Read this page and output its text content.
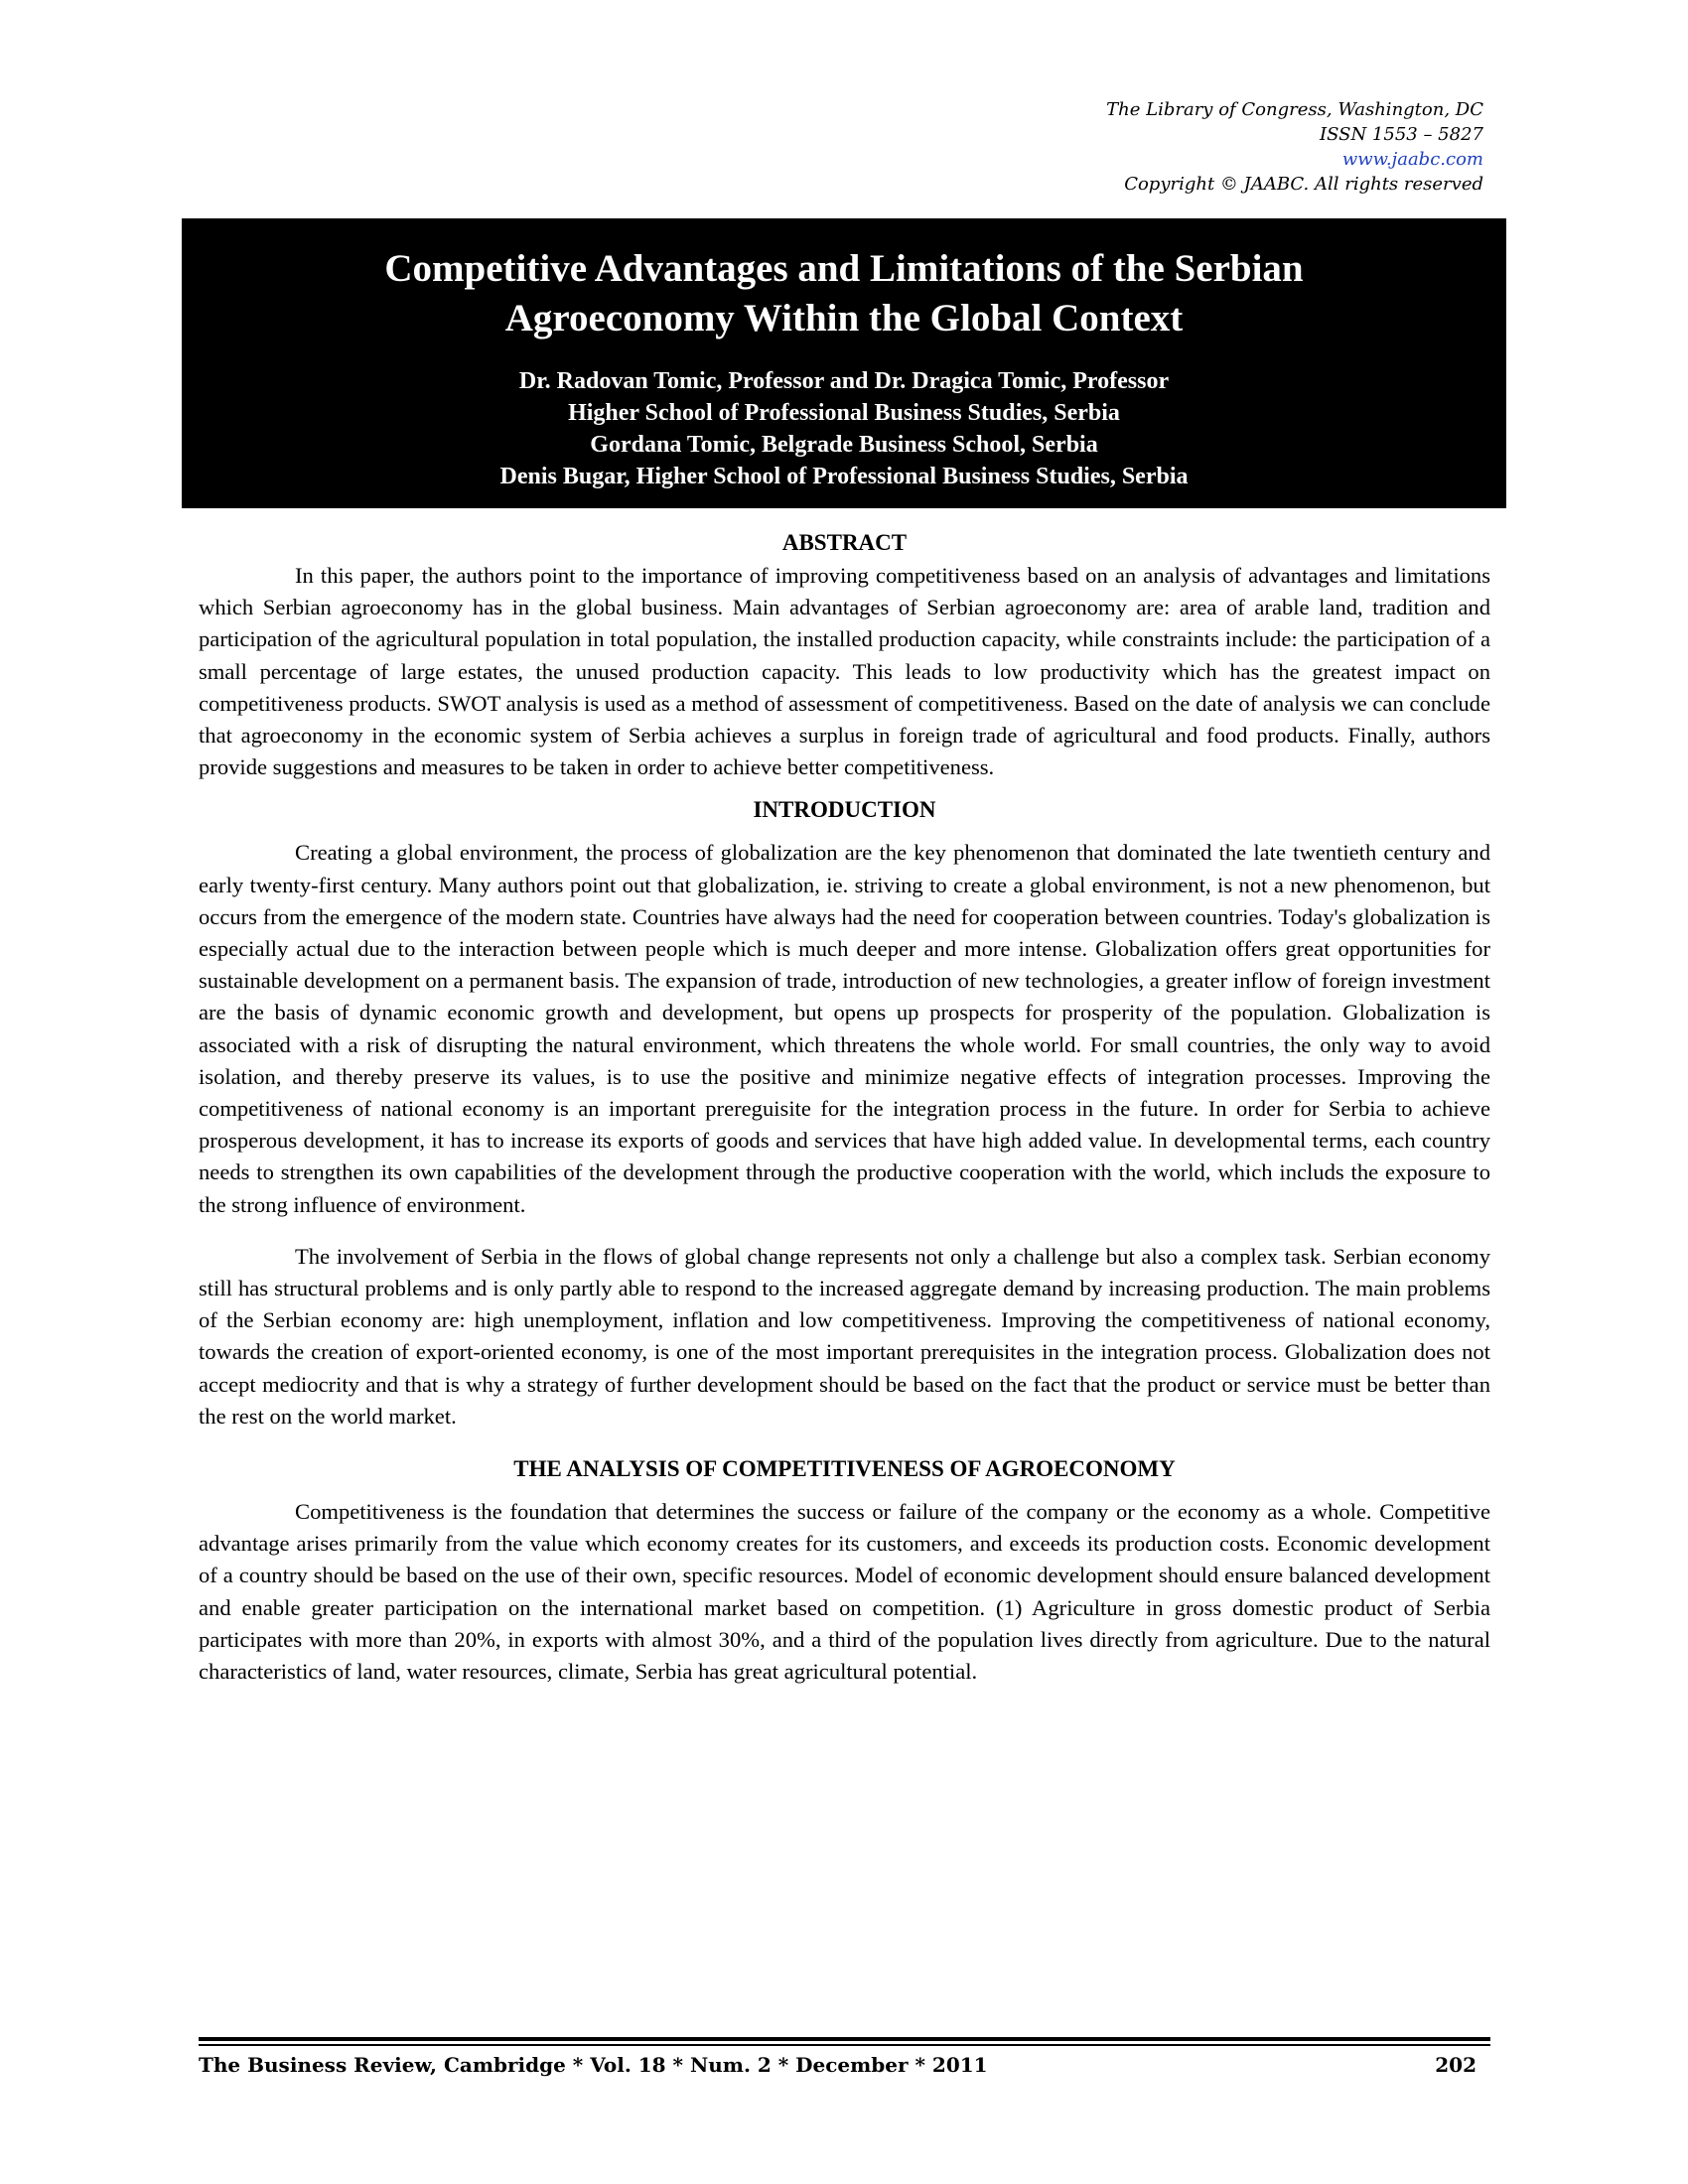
The Library of Congress, Washington, DC
ISSN 1553 – 5827
www.jaabc.com
Copyright © JAABC. All rights reserved
Competitive Advantages and Limitations of the Serbian
Agroeconomy Within the Global Context
Dr. Radovan Tomic, Professor and Dr. Dragica Tomic, Professor
Higher School of Professional Business Studies, Serbia
Gordana Tomic, Belgrade Business School, Serbia
Denis Bugar, Higher School of Professional Business Studies, Serbia
ABSTRACT

In this paper, the authors point to the importance of improving competitiveness based on an analysis of advantages and limitations which Serbian agroeconomy has in the global business. Main advantages of Serbian agroeconomy are: area of arable land, tradition and participation of the agricultural population in total population, the installed production capacity, while constraints include: the participation of a small percentage of large estates, the unused production capacity. This leads to low productivity which has the greatest impact on competitiveness products. SWOT analysis is used as a method of assessment of competitiveness. Based on the date of analysis we can conclude that agroeconomy in the economic system of Serbia achieves a surplus in foreign trade of agricultural and food products. Finally, authors provide suggestions and measures to be taken in order to achieve better competitiveness.

INTRODUCTION

Creating a global environment, the process of globalization are the key phenomenon that dominated the late twentieth century and early twenty-first century. Many authors point out that globalization, ie. striving to create a global environment, is not a new phenomenon, but occurs from the emergence of the modern state. Countries have always had the need for cooperation between countries. Today's globalization is especially actual due to the interaction between people which is much deeper and more intense. Globalization offers great opportunities for sustainable development on a permanent basis. The expansion of trade, introduction of new technologies, a greater inflow of foreign investment are the basis of dynamic economic growth and development, but opens up prospects for prosperity of the population. Globalization is associated with a risk of disrupting the natural environment, which threatens the whole world. For small countries, the only way to avoid isolation, and thereby preserve its values, is to use the positive and minimize negative effects of integration processes. Improving the competitiveness of national economy is an important prereguisite for the integration process in the future. In order for Serbia to achieve prosperous development, it has to increase its exports of goods and services that have high added value. In developmental terms, each country needs to strengthen its own capabilities of the development through the productive cooperation with the world, which includs the exposure to the strong influence of environment.

The involvement of Serbia in the flows of global change represents not only a challenge but also a complex task. Serbian economy still has structural problems and is only partly able to respond to the increased aggregate demand by increasing production. The main problems of the Serbian economy are: high unemployment, inflation and low competitiveness. Improving the competitiveness of national economy, towards the creation of export-oriented economy, is one of the most important prerequisites in the integration process. Globalization does not accept mediocrity and that is why a strategy of further development should be based on the fact that the product or service must be better than the rest on the world market.

THE ANALYSIS OF COMPETITIVENESS OF AGROECONOMY

Competitiveness is the foundation that determines the success or failure of the company or the economy as a whole. Competitive advantage arises primarily from the value which economy creates for its customers, and exceeds its production costs. Economic development of a country should be based on the use of their own, specific resources. Model of economic development should ensure balanced development and enable greater participation on the international market based on competition. (1) Agriculture in gross domestic product of Serbia participates with more than 20%, in exports with almost 30%, and a third of the population lives directly from agriculture. Due to the natural characteristics of land, water resources, climate, Serbia has great agricultural potential.

The Business Review, Cambridge * Vol. 18 * Num. 2 * December * 2011	202
